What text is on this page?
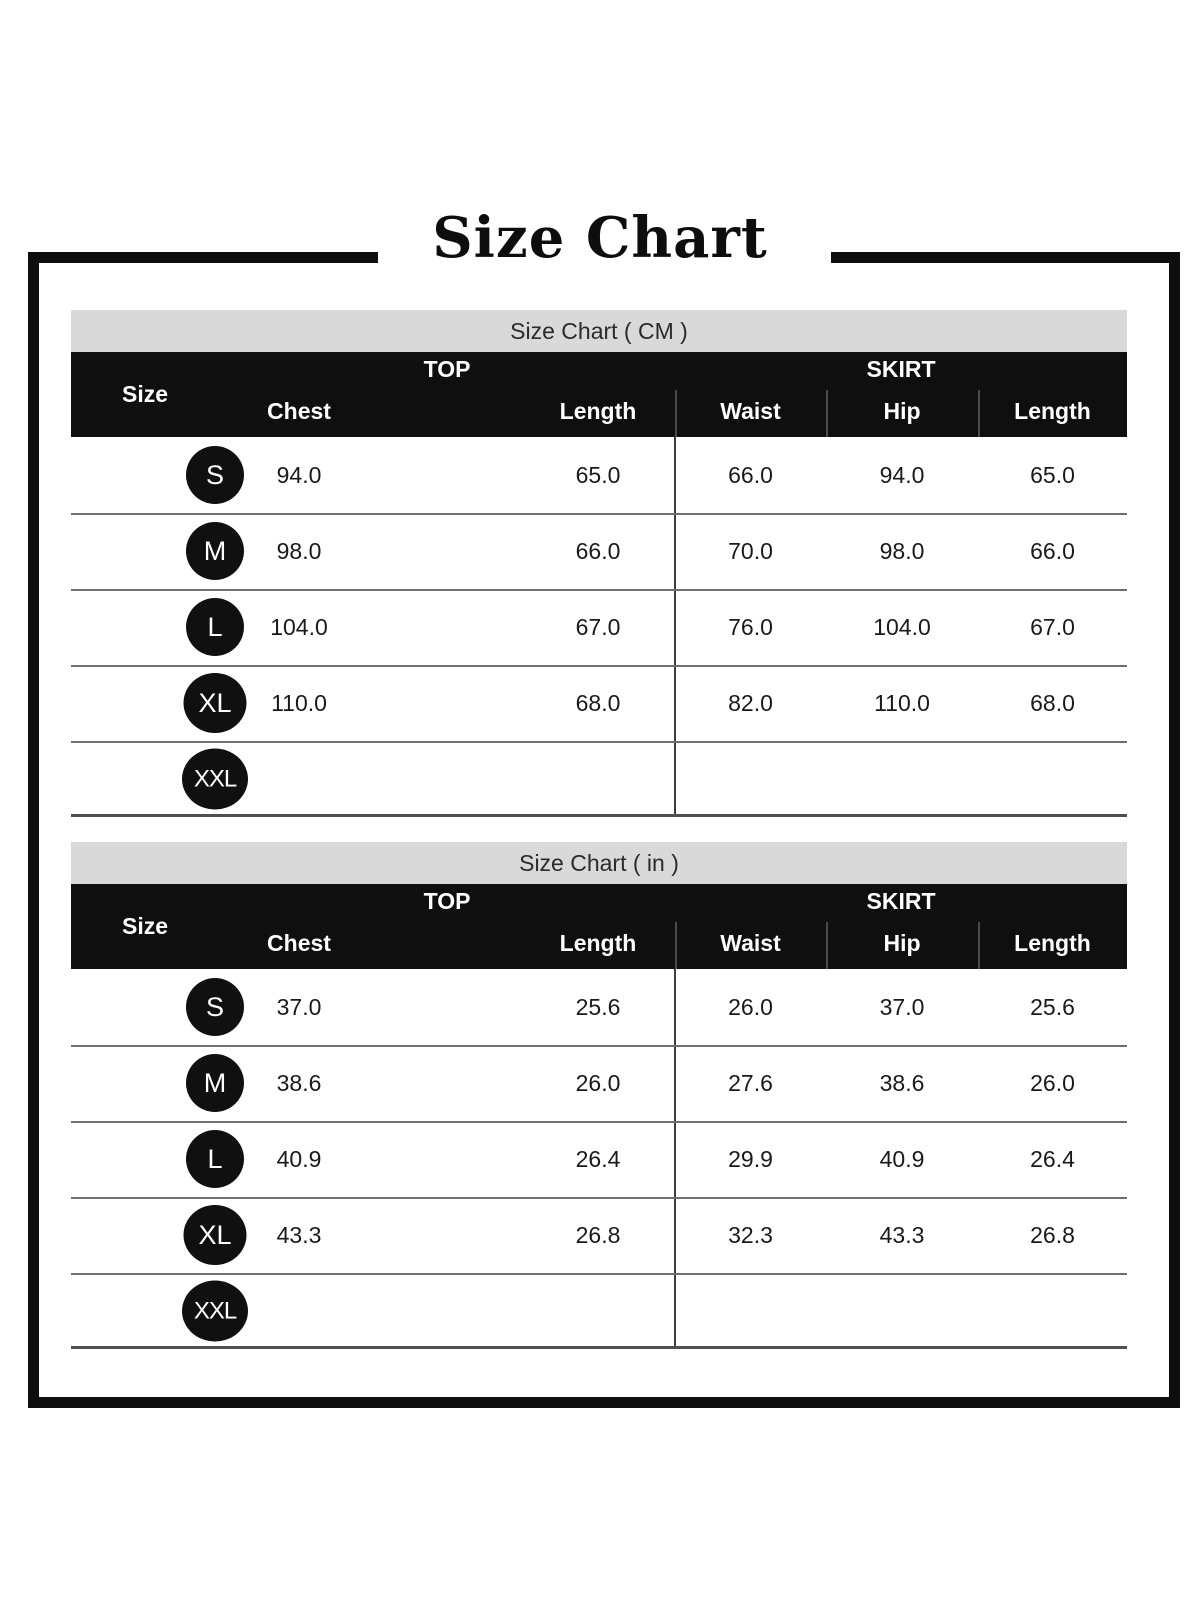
Size Chart
Size Chart ( CM )
Size
TOP	SKIRT
Chest	Length	Waist	Hip	Length
S	94.0	65.0	66.0	94.0	65.0
M	98.0	66.0	70.0	98.0	66.0
L	104.0	67.0	76.0	104.0	67.0
XL	110.0	68.0	82.0	110.0	68.0
XXL
Size Chart ( in )
Size
TOP	SKIRT
Chest	Length	Waist	Hip	Length
S	37.0	25.6	26.0	37.0	25.6
M	38.6	26.0	27.6	38.6	26.0
L	40.9	26.4	29.9	40.9	26.4
XL	43.3	26.8	32.3	43.3	26.8
XXL
